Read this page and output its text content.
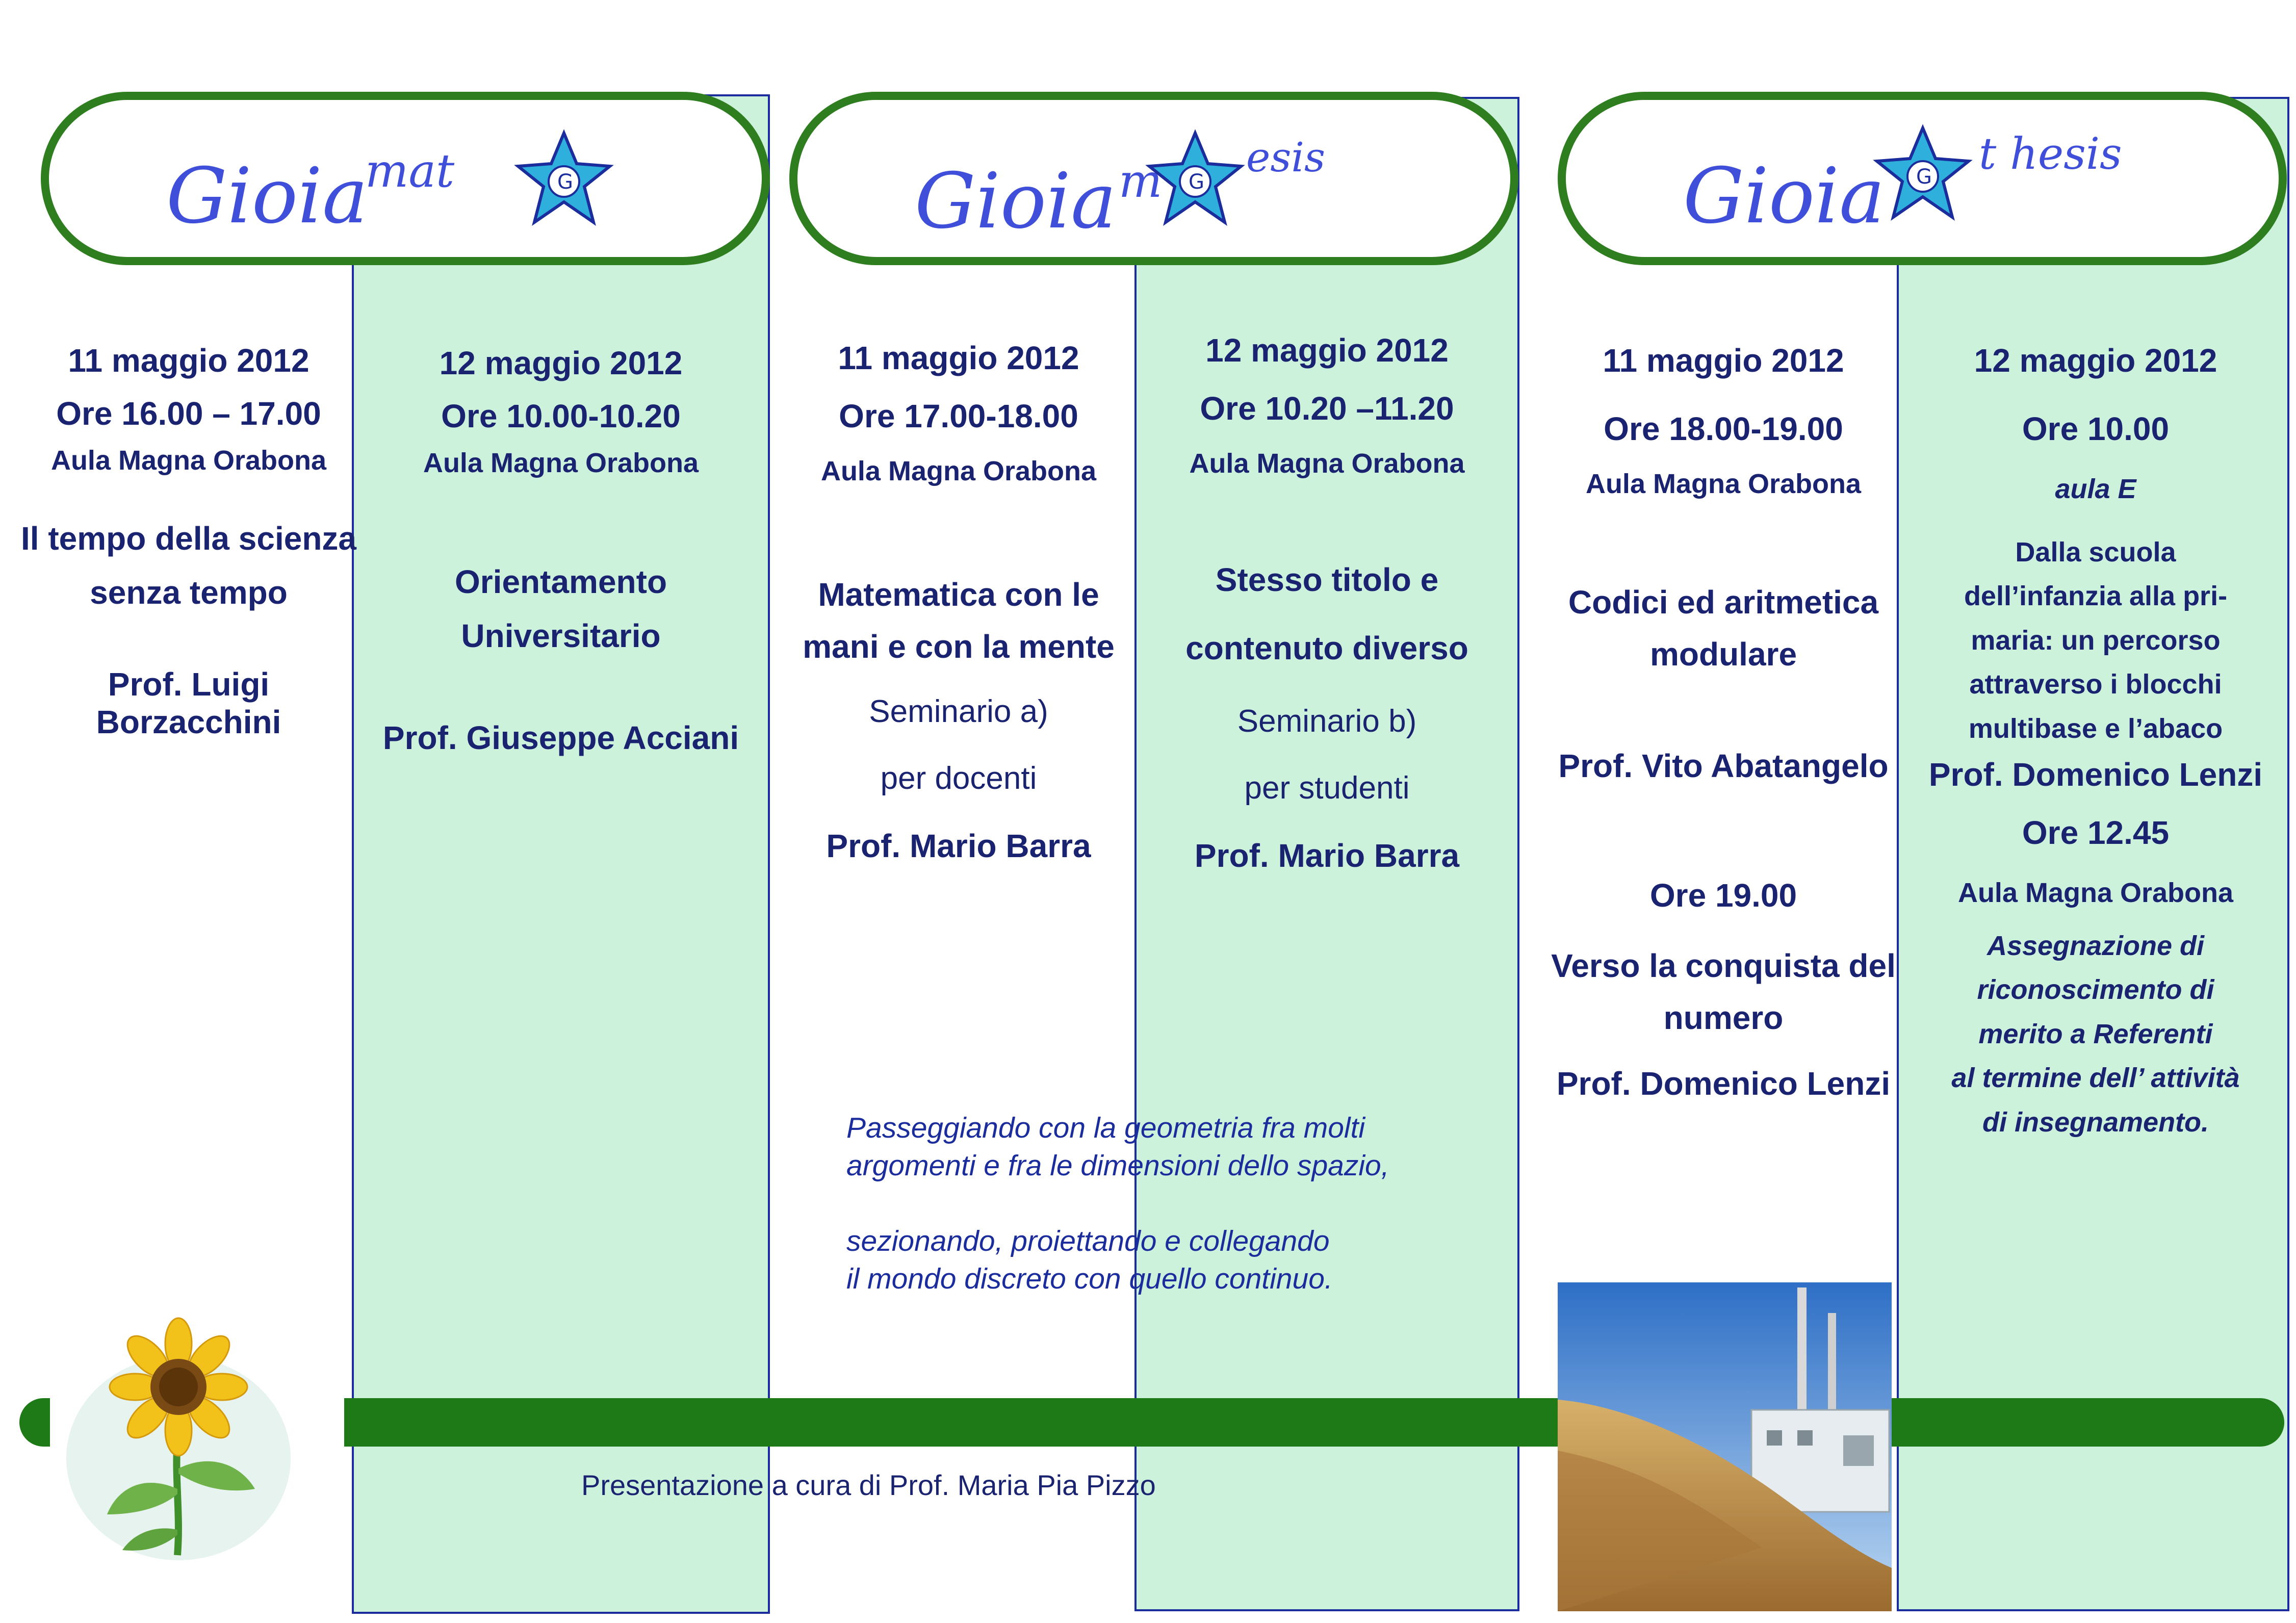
Gioia
mat	G	Gioia m G
esis	Gioia G t hesis
11 maggio 2012
Ore 16.00 – 17.00
Aula Magna Orabona
Il tempo della scienza
senza tempo
Prof. Luigi Borzacchini
12 maggio 2012
Ore 10.00-10.20
Aula Magna Orabona
Orientamento Universitario
Prof. Giuseppe Acciani
11 maggio 2012
Ore 17.00-18.00
Aula Magna Orabona
Matematica con le
mani e con la mente
Seminario a)
per docenti
Prof. Mario Barra
12 maggio 2012
Ore 10.20 –11.20
Aula Magna Orabona
Stesso titolo e
contenuto diverso
Seminario b)
per studenti
Prof. Mario Barra
11 maggio 2012
Ore 18.00-19.00
Aula Magna Orabona
Codici ed aritmetica
modulare
Prof. Vito Abatangelo
Ore 19.00
Verso la conquista del
numero
Prof. Domenico Lenzi
12 maggio 2012
Ore 10.00
aula E
Dalla scuola
dell’infanzia alla pri-
maria: un percorso
attraverso i blocchi
multibase e l’abaco
Prof. Domenico Lenzi
Ore 12.45
Aula Magna Orabona
Assegnazione di
riconoscimento di
merito a Referenti
al termine dell’ attività
di insegnamento.
Passeggiando con la geometria fra molti
argomenti e fra le dimensioni dello spazio,

sezionando, proiettando e collegando
il mondo discreto con quello continuo.
Presentazione a cura di Prof. Maria Pia Pizzo
